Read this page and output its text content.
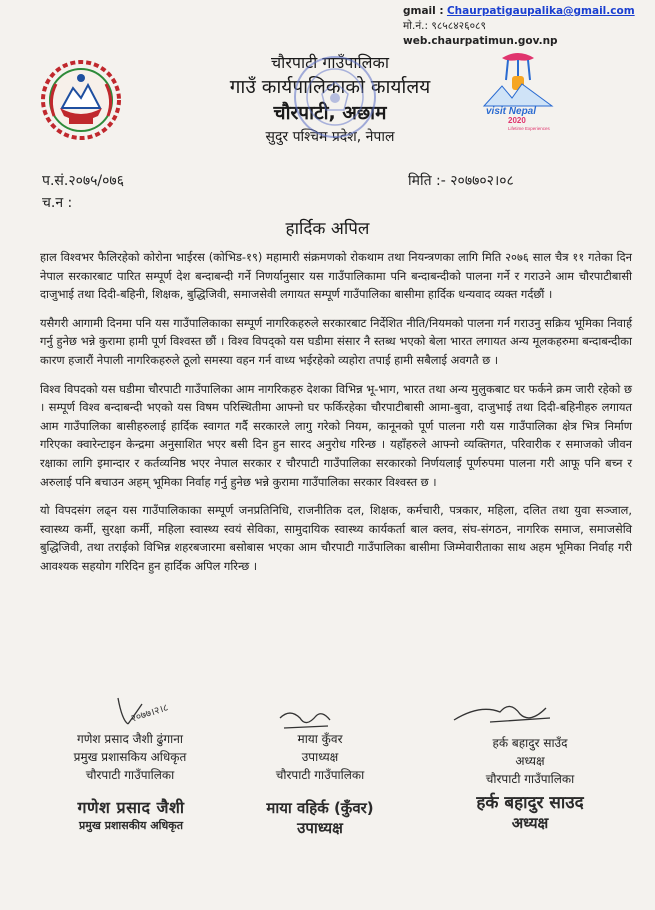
gmail : Chaurpatigaupalika@gmail.com
मो.नं.: ९८५८४२६०८९
web.chaurpatimun.gov.np
चौरपाटी गाउँपालिका
गाउँ कार्यपालिकाको कार्यालय
चौरपाटी, अछाम
सुदुर पश्चिम प्रदेश, नेपाल
visit Nepal
2020
Lifetime Experiences
प.सं.२०७५/०७६
च.न :
मिति :- २०७७०२।०८
हार्दिक अपिल

हाल विश्वभर फैलिरहेको कोरोना भाईरस (कोभिड-१९) महामारी संक्रमणको रोकथाम तथा नियन्त्रणका लागि मिति २०७६ साल चैत्र ११ गतेका दिन नेपाल सरकारबाट पारित सम्पूर्ण देश बन्दाबन्दी गर्ने निणर्यानुसार यस गाउँपालिकामा पनि बन्दाबन्दीको पालना गर्ने र गराउने आम चौरपाटीबासी दाजुभाई तथा दिदी-बहिनी, शिक्षक, बुद्धिजिवी, समाजसेवी लगायत सम्पूर्ण गाउँपालिका बासीमा हार्दिक धन्यवाद व्यक्त गर्दछौं ।

यसैगरी आगामी दिनमा पनि यस गाउँपालिकाका सम्पूर्ण नागरिकहरुले सरकारबाट निर्देशित नीति/नियमको पालना गर्न गराउनु सक्रिय भूमिका निवार्ह गर्नु हुनेछ भन्ने कुरामा हामी पूर्ण विश्वस्त छौं । विश्व विपद्को यस घडीमा संसार नै स्तब्ध भएको बेला भारत लगायत अन्य मूलकहरुमा बन्दाबन्दीका कारण हजारौं नेपाली नागरिकहरुले ठूलो समस्या वहन गर्न वाध्य भईरहेको व्यहोरा तपाई हामी सबैलाई अवगतै छ ।

विश्व विपदको यस घडीमा चौरपाटी गाउँपालिका आम नागरिकहरु देशका विभिन्न भू-भाग, भारत तथा अन्य मुलुकबाट घर फर्कने क्रम जारी रहेको छ । सम्पूर्ण विश्व बन्दाबन्दी भएको यस विषम परिस्थितीमा आफ्नो घर फर्किरहेका चौरपाटीबासी आमा-बुवा, दाजुभाई तथा दिदी-बहिनीहरु लगायत आम गाउँपालिका बासीहरुलाई हार्दिक स्वागत गर्दै सरकारले लागु गरेको नियम, कानूनको पूर्ण पालना गरी यस गाउँपालिका क्षेत्र भित्र निर्माण गरिएका क्वारेन्टाइन केन्द्रमा अनुसाशित भएर बसी दिन हुन सारद अनुरोध गरिन्छ । यहाँहरुले आफ्नो व्यक्तिगत, परिवारीक र समाजको जीवन रक्षाका लागि इमान्दार र कर्तव्यनिष्ठ भएर नेपाल सरकार र चौरपाटी गाउँपालिका सरकारको निर्णयलाई पूर्णरुपमा पालना गरी आफू पनि बच्न र अरुलाई पनि बचाउन अहम् भूमिका निर्वाह गर्नु हुनेछ भन्ने कुरामा गाउँपालिका सरकार विश्वस्त छ ।

यो विपदसंग लढ्न यस गाउँपालिकाका सम्पूर्ण जनप्रतिनिधि, राजनीतिक दल, शिक्षक, कर्मचारी, पत्रकार, महिला, दलित तथा युवा सञ्जाल, स्वास्थ्य कर्मी, सुरक्षा कर्मी, महिला स्वास्थ्य स्वयं सेविका, सामुदायिक स्वास्थ्य कार्यकर्ता बाल क्लव, संघ-संगठन, नागरिक समाज, समाजसेवि बुद्धिजिवी, तथा तराईको विभिन्न शहरबजारमा बसोबास भएका आम चौरपाटी गाउँपालिका बासीमा जिम्मेवारीताका साथ अहम भूमिका निर्वाह गरी आवश्यक सहयोग गरिदिन हुन हार्दिक अपिल गरिन्छ ।

२०७७।२।८
गणेश प्रसाद जैशी ढुंगाना
प्रमुख प्रशासकिय अधिकृत
चौरपाटी गाउँपालिका
माया कुँवर
उपाध्यक्ष
चौरपाटी गाउँपालिका
हर्क बहादुर साउँद
अध्यक्ष
चौरपाटी गाउँपालिका
गणेश प्रसाद जैशी
प्रमुख प्रशासकीय अधिकृत
माया वहिर्क (कुँवर)
उपाध्यक्ष
हर्क बहादुर साउद
अध्यक्ष
